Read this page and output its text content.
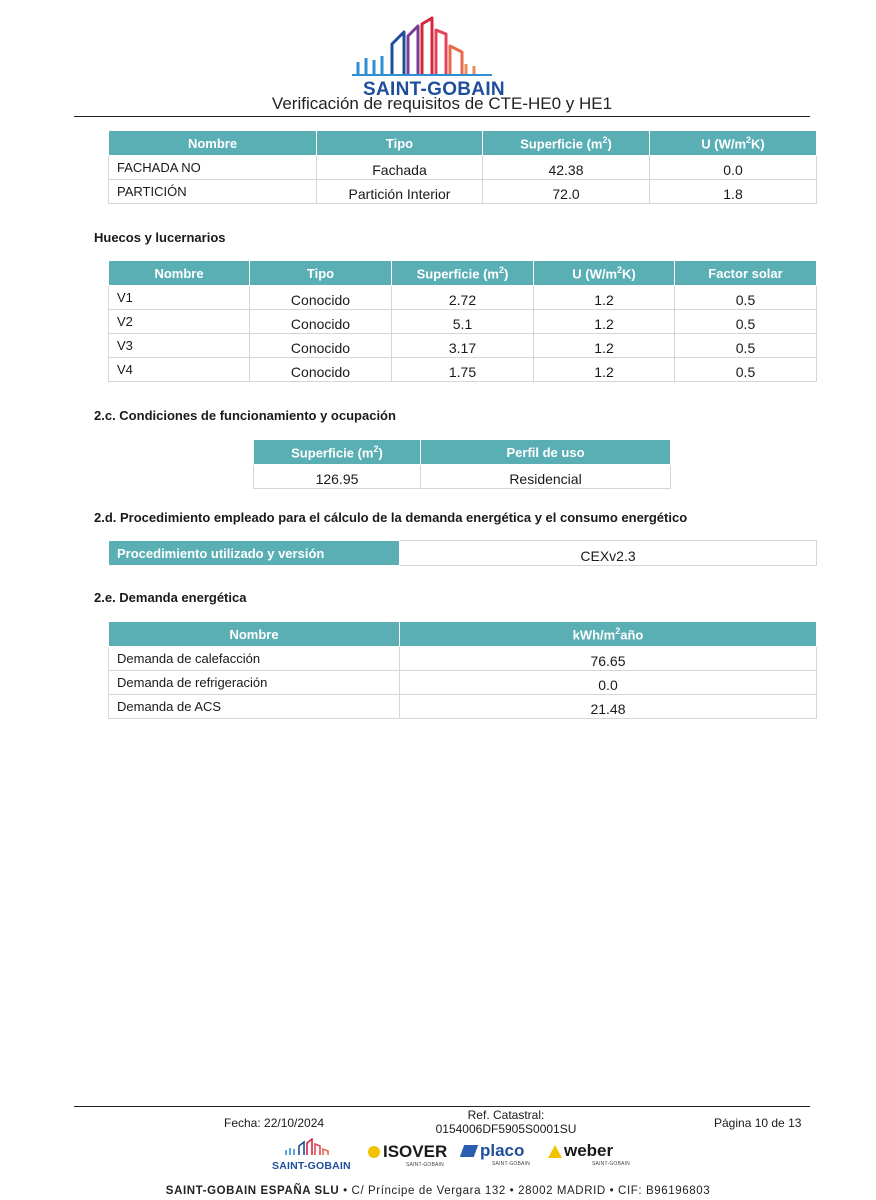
SAINT-GOBAIN
Verificación de requisitos de CTE-HE0 y HE1
Nombre	Tipo	Superficie $(m^2)$	U $(W/m^2K)$
FACHADA NO	Fachada	42.38	0.0
PARTICIÓN	Partición Interior	72.0	1.8
Huecos y lucernarios
Nombre	Tipo	Superficie $(m^2)$	U $(W/m^2K)$	Factor solar
V1	Conocido	2.72	1.2	0.5
V2	Conocido	5.1	1.2	0.5
V3	Conocido	3.17	1.2	0.5
V4	Conocido	1.75	1.2	0.5
2.c. Condiciones de funcionamiento y ocupación
Superficie $(m^2)$	Perfil de uso
126.95	Residencial
2.d. Procedimiento empleado para el cálculo de la demanda energética y el consumo energético
Procedimiento utilizado y versión	CEXv2.3
2.e. Demanda energética
Nombre	kWh/$m^2año$
Demanda de calefacción	76.65
Demanda de refrigeración	0.0
Demanda de ACS	21.48
Fecha: 22/10/2024
Ref. Catastral:
0154006DF5905S0001SU	Página 10 de 13
SAINT-GOBAIN
ISOVER
SAINT-GOBAIN
placo
SAINT-GOBAIN
weber
SAINT-GOBAIN
SAINT-GOBAIN ESPAÑA SLU • C/ Príncipe de Vergara 132 • 28002 MADRID • CIF: B96196803
